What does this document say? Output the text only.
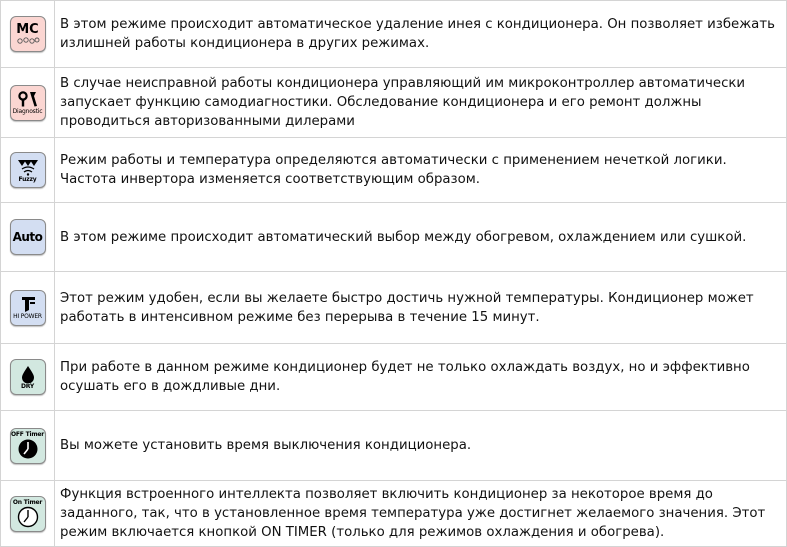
MC	В этом режиме происходит автоматическое удаление инея с кондиционера. Он позволяет избежать излишней работы кондиционера в других режимах.

Diagnostic	В случае неисправной работы кондиционера управляющий им микроконтроллер автоматически запускает функцию самодиагностики. Обследование кондиционера и его ремонт должны проводиться авторизованными дилерами

Fuzzy	Режим работы и температура определяются автоматически с применением нечеткой логики. Частота инвертора изменяется соответствующим образом.

Auto	В этом режиме происходит автоматический выбор между обогревом, охлаждением или сушкой.

HI POWER	Этот режим удобен, если вы желаете быстро достичь нужной температуры. Кондиционер может работать в интенсивном режиме без перерыва в течение 15 минут.

DRY	При работе в данном режиме кондиционер будет не только охлаждать воздух, но и эффективно осушать его в дождливые дни.

OFF Timer	Вы можете установить время выключения кондиционера.

On Timer	Функция встроенного интеллекта позволяет включить кондиционер за некоторое время до заданного, так, что в установленное время температура уже достигнет желаемого значения. Этот режим включается кнопкой ON TIMER (только для режимов охлаждения и обогрева).
